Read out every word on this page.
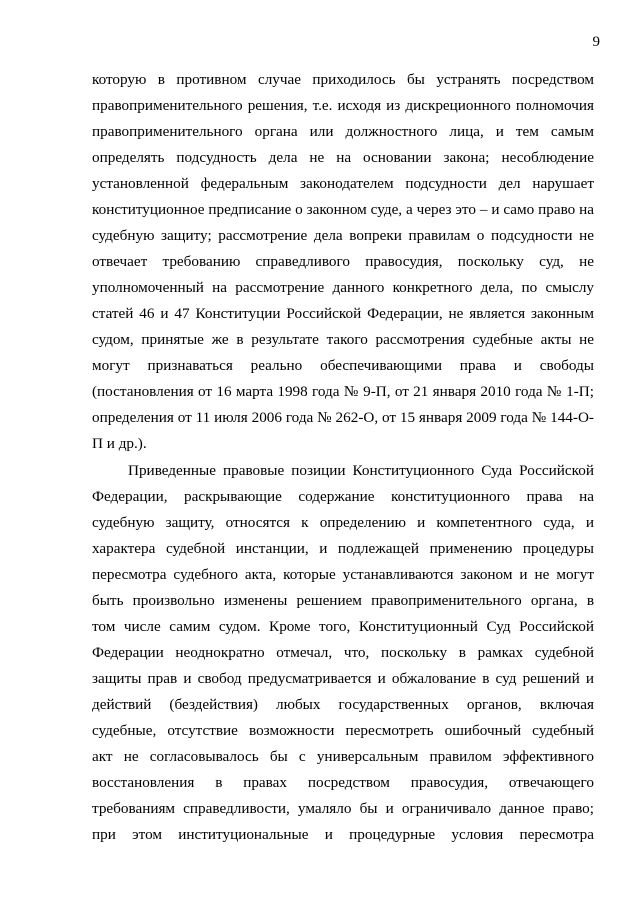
9
которую в противном случае приходилось бы устранять посредством
правоприменительного решения, т.е. исходя из дискреционного полномочия
правоприменительного органа или должностного лица, и тем самым
определять подсудность дела не на основании закона; несоблюдение
установленной федеральным законодателем подсудности дел нарушает
конституционное предписание о законном суде, а через это – и само право на
судебную защиту; рассмотрение дела вопреки правилам о подсудности не
отвечает требованию справедливого правосудия, поскольку суд, не
уполномоченный на рассмотрение данного конкретного дела, по смыслу
статей 46 и 47 Конституции Российской Федерации, не является законным
судом, принятые же в результате такого рассмотрения судебные акты не
могут признаваться реально обеспечивающими права и свободы
(постановления от 16 марта 1998 года № 9-П, от 21 января 2010 года № 1-П;
определения от 11 июля 2006 года № 262-О, от 15 января 2009 года № 144-О-
П и др.).
Приведенные правовые позиции Конституционного Суда Российской
Федерации, раскрывающие содержание конституционного права на
судебную защиту, относятся к определению и компетентного суда, и
характера судебной инстанции, и подлежащей применению процедуры
пересмотра судебного акта, которые устанавливаются законом и не могут
быть произвольно изменены решением правоприменительного органа, в
том числе самим судом. Кроме того, Конституционный Суд Российской
Федерации неоднократно отмечал, что, поскольку в рамках судебной
защиты прав и свобод предусматривается и обжалование в суд решений и
действий (бездействия) любых государственных органов, включая
судебные, отсутствие возможности пересмотреть ошибочный судебный
акт не согласовывалось бы с универсальным правилом эффективного
восстановления в правах посредством правосудия, отвечающего
требованиям справедливости, умаляло бы и ограничивало данное право;
при этом институциональные и процедурные условия пересмотра
